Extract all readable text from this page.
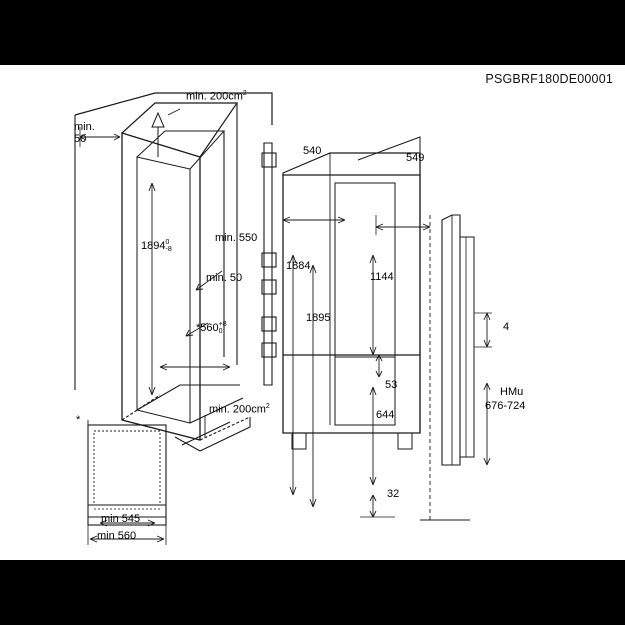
min. $200cm^2$
min.
50
18940
-8
min. 550
min. 50
*560+8
0
min. $200cm^2$
540
549
1884
1895
1144
53
644
32
4
HMu
676-724
*
min 545
min 560
PSGBRF180DE00001
